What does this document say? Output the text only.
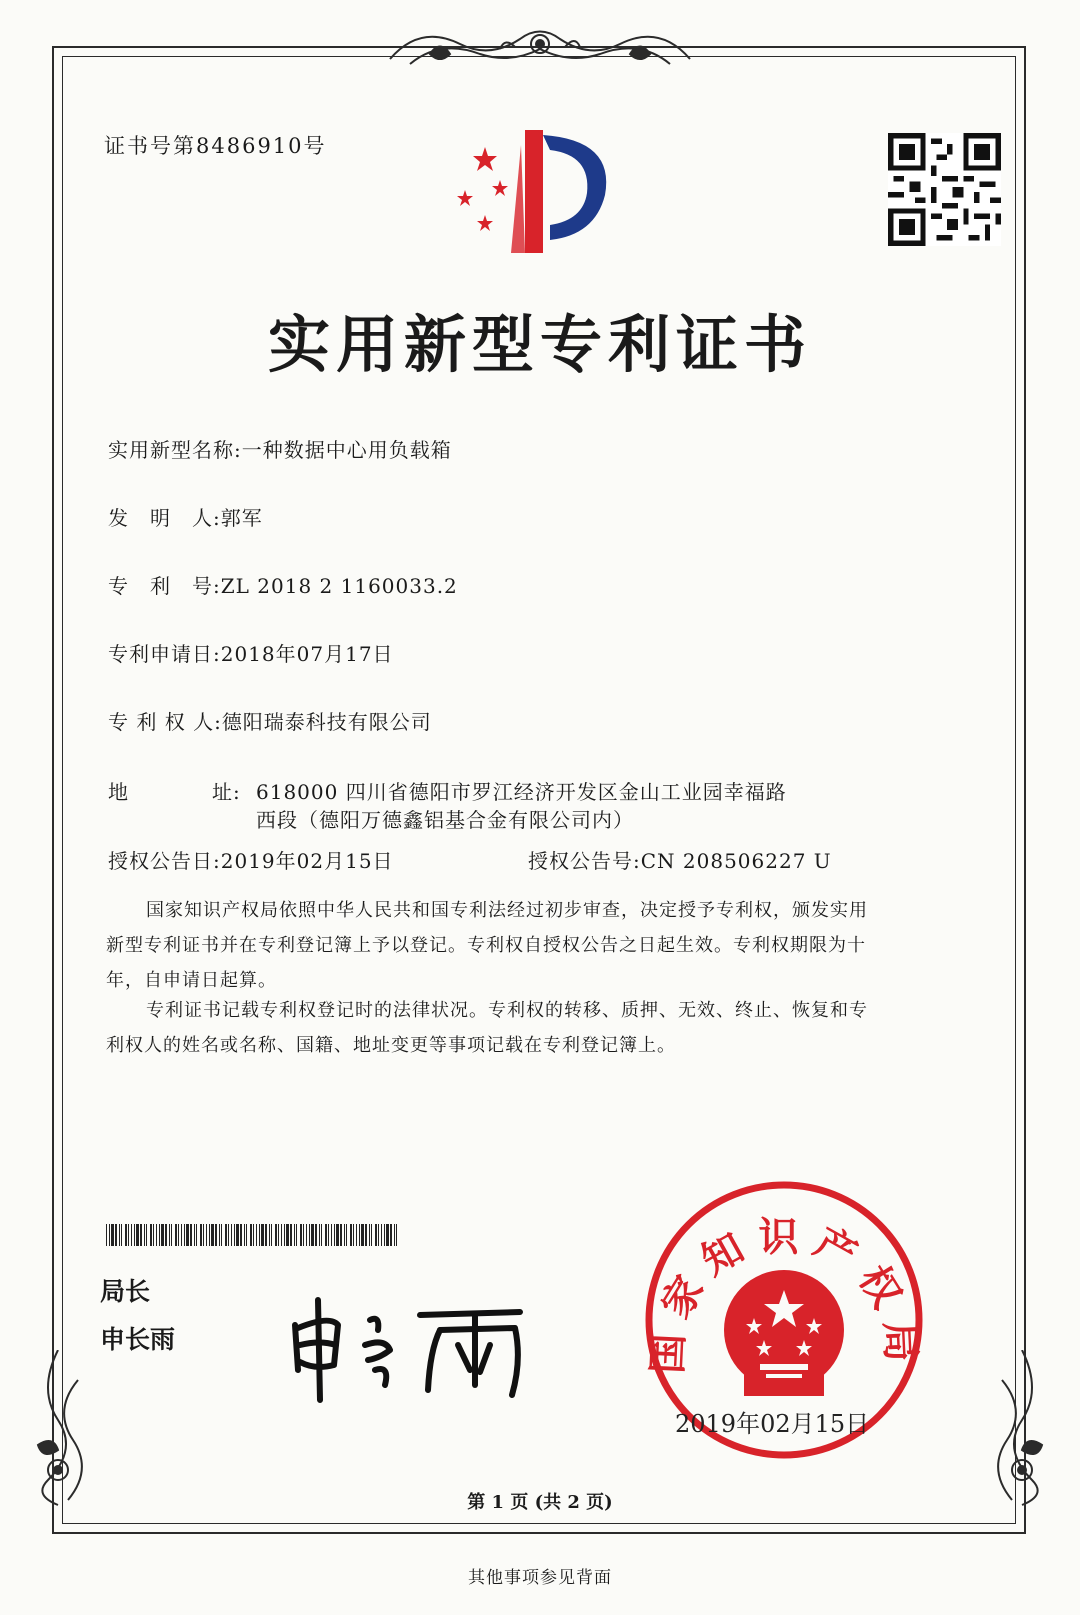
证书号第8486910号
实用新型专利证书
实用新型名称:一种数据中心用负载箱
发　明　人:郭军
专　利　号:ZL 2018 2 1160033.2
专利申请日:2018年07月17日
专 利 权 人:德阳瑞泰科技有限公司
地	址: 618000 四川省德阳市罗江经济开发区金山工业园幸福路
西段（德阳万德鑫铝基合金有限公司内）
授权公告日:2019年02月15日	授权公告号:CN 208506227 U
国家知识产权局依照中华人民共和国专利法经过初步审查，决定授予专利权，颁发实用
新型专利证书并在专利登记簿上予以登记。专利权自授权公告之日起生效。专利权期限为十
年，自申请日起算。
专利证书记载专利权登记时的法律状况。专利权的转移、质押、无效、终止、恢复和专
利权人的姓名或名称、国籍、地址变更等事项记载在专利登记簿上。
局长
申长雨	国家知识产权局
2019年02月15日
第 1 页 (共 2 页)
其他事项参见背面
